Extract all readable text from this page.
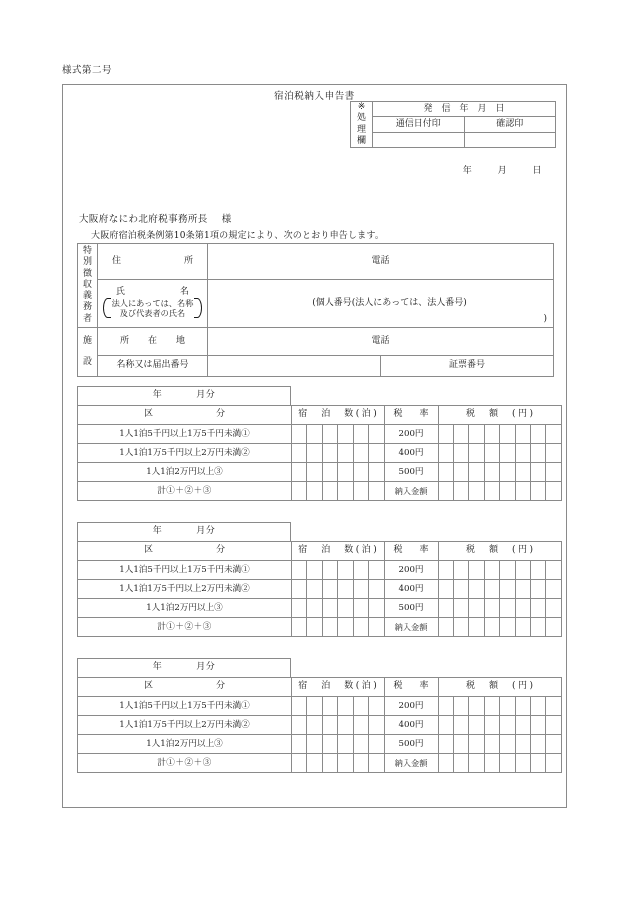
様式第二号
宿泊税納入申告書
※
処
理
欄	発　信　年　月　日	
	通信日付印	確認印

年	月	日
大阪府なにわ北府税事務所長 様
大阪府宿泊税条例第10条第1項の規定により、次のとおり申告します。
特
別
徴
収
義
務
者
	住　　　所	電話
	氏　　　名
法人にあっては、名称
及び代表者の氏名	(個人番号(法人にあっては、法人番号)
)	

施
設	所　在　地	電話	
	名称又は届出番号		証票番号
年	月分
区　　　分	宿　泊　数(泊)						税　率	税　額　(円)							
1人1泊5千円以上1万5千円未満①							200円								
1人1泊1万5千円以上2万円未満②							400円								
1人1泊2万円以上③							500円								
計①＋②＋③							納入金額								
年	月分
区　　　分	宿　泊　数(泊)						税　率	税　額　(円)							
1人1泊5千円以上1万5千円未満①							200円								
1人1泊1万5千円以上2万円未満②							400円								
1人1泊2万円以上③							500円								
計①＋②＋③							納入金額								
年	月分
区　　　分	宿　泊　数(泊)						税　率	税　額　(円)							
1人1泊5千円以上1万5千円未満①							200円								
1人1泊1万5千円以上2万円未満②							400円								
1人1泊2万円以上③							500円								
計①＋②＋③							納入金額								
